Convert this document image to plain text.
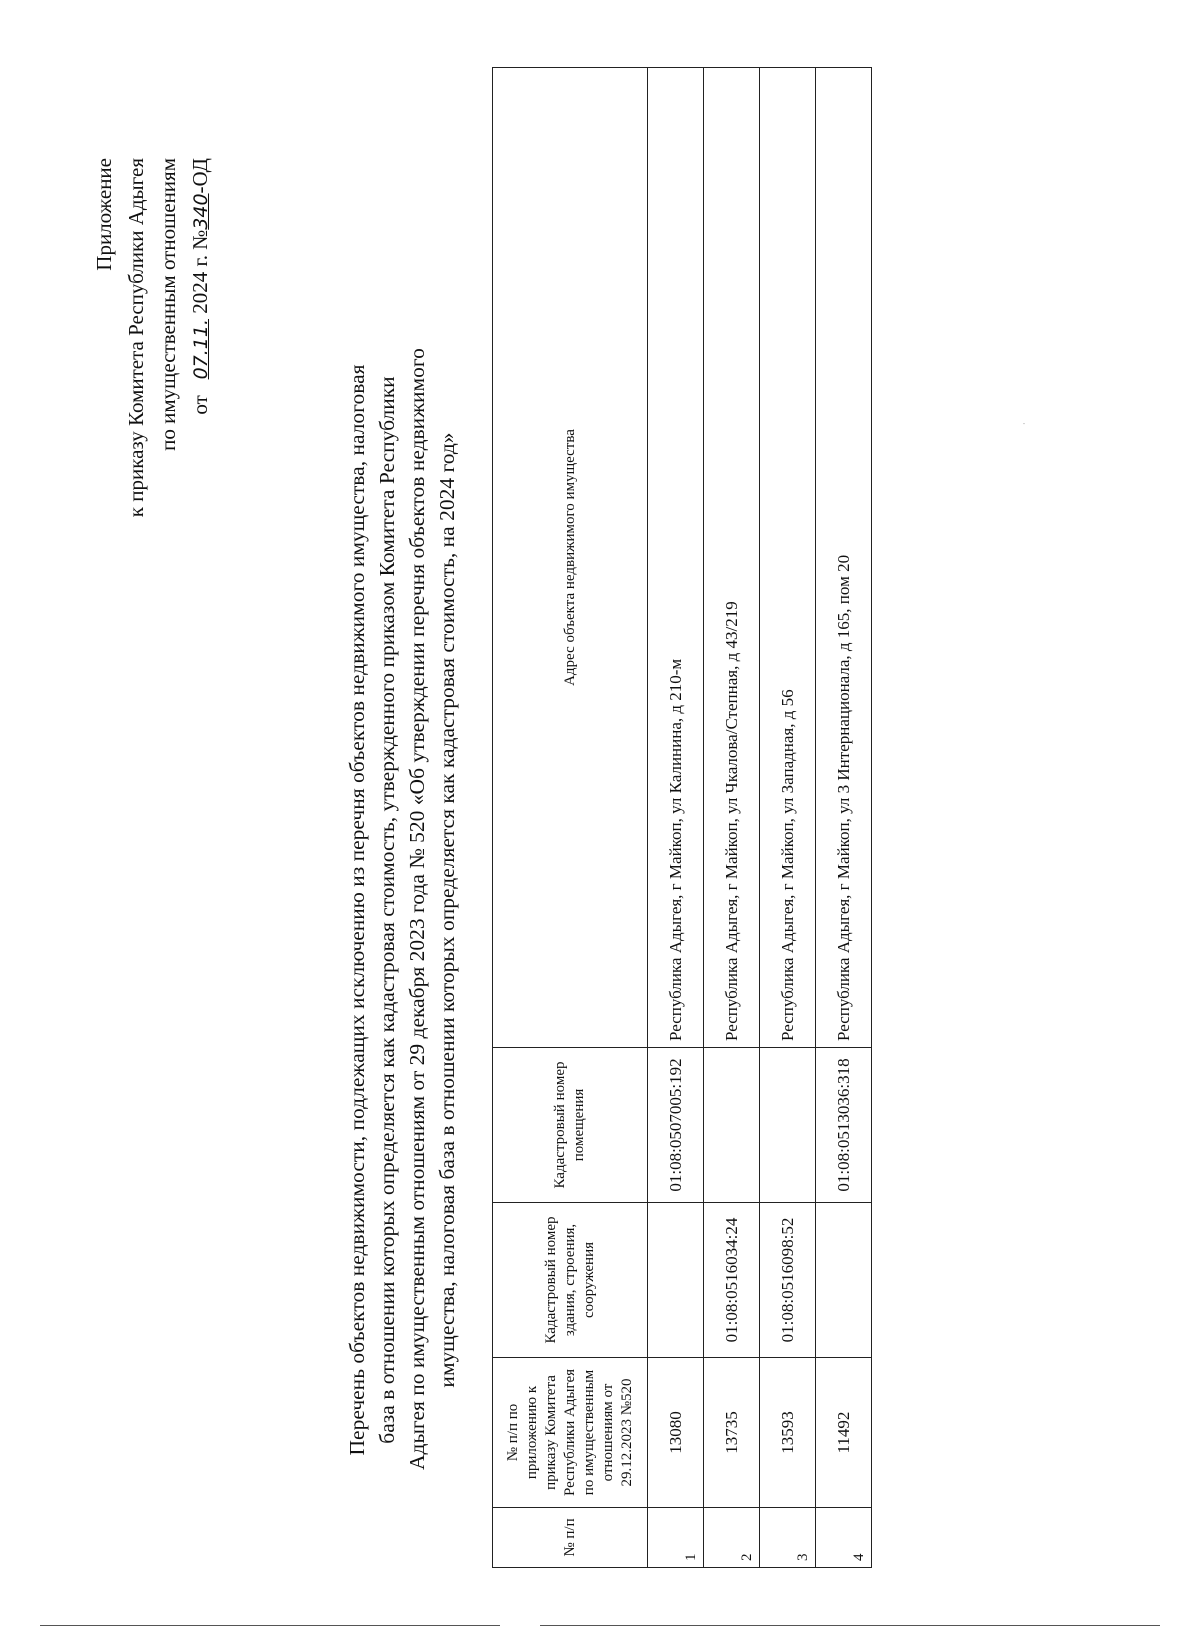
Приложение к приказу Комитета Республики Адыгея по имущественным отношениям от   07.11. 2024 г. №340-ОД
Перечень объектов недвижимости, подлежащих исключению из перечня объектов недвижимого имущества, налоговая база в отношении которых определяется как кадастровая стоимость, утвержденного приказом Комитета Республики Адыгея по имущественным отношениям от 29 декабря 2023 года № 520 «Об утверждении перечня объектов недвижимого имущества, налоговая база в отношении которых определяется как кадастровая стоимость, на 2024 год»
№ п/п	№ п/п по приложению к приказу Комитета Республики Адыгея по имущественным отношениям от 29.12.2023 №520	Кадастровый номер здания, строения, сооружения	Кадастровый номер помещения	Адрес объекта недвижимого имущества
1	13080		01:08:0507005:192	Республика Адыгея, г Майкоп, ул Калинина, д 210-м
2	13735	01:08:0516034:24		Республика Адыгея, г Майкоп, ул Чкалова/Степная, д 43/219
3	13593	01:08:0516098:52		Республика Адыгея, г Майкоп, ул Западная, д 56
4	11492		01:08:0513036:318	Республика Адыгея, г Майкоп, ул 3 Интернационала, д 165, пом 20
·
